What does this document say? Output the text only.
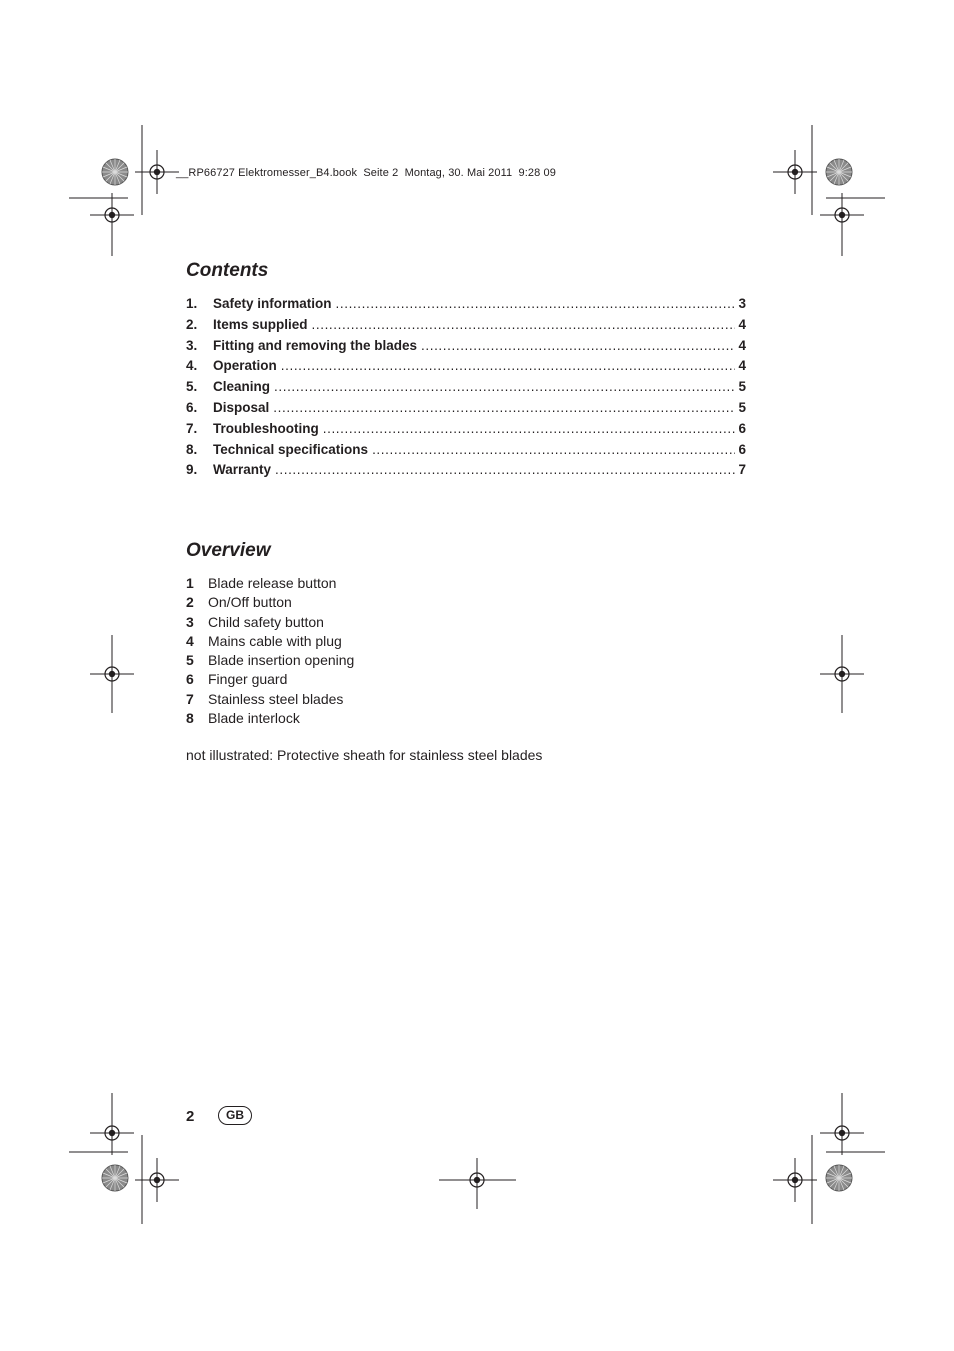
__RP66727 Elektromesser_B4.book  Seite 2  Montag, 30. Mai 2011  9:28 09
Contents
1.	Safety information .....	3
2.	Items supplied .....	4
3.	Fitting and removing the blades .....	4
4.	Operation .....	4
5.	Cleaning .....	5
6.	Disposal .....	5
7.	Troubleshooting .....	6
8.	Technical specifications .....	6
9.	Warranty .....	7
Overview
1	Blade release button
2	On/Off button
3	Child safety button
4	Mains cable with plug
5	Blade insertion opening
6	Finger guard
7	Stainless steel blades
8	Blade interlock
not illustrated: Protective sheath for stainless steel blades
2	GB
